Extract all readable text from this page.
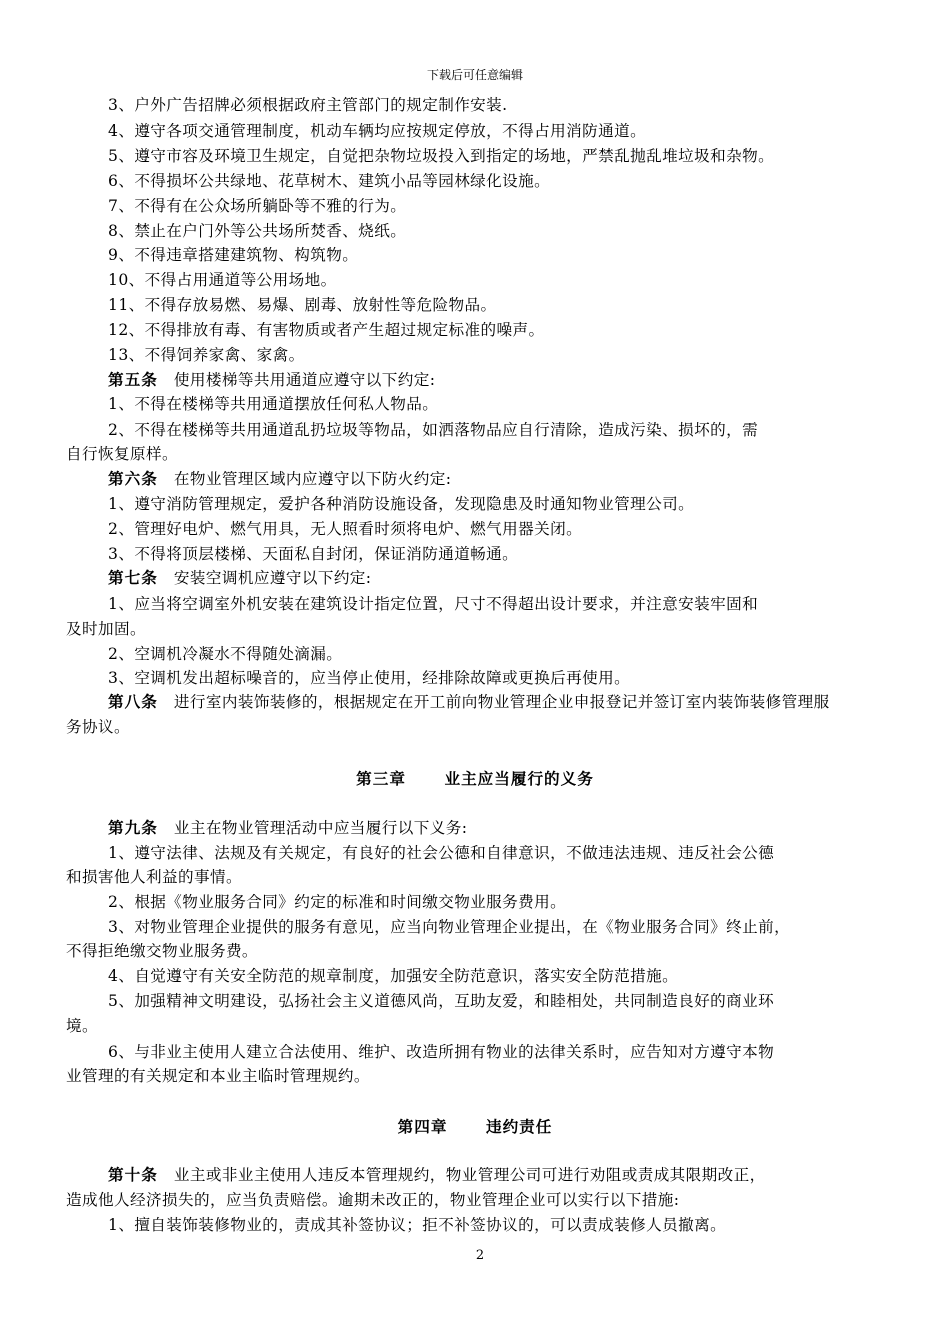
下载后可任意编辑
3、户外广告招牌必须根据政府主管部门的规定制作安装.
4、遵守各项交通管理制度，机动车辆均应按规定停放，不得占用消防通道。
5、遵守市容及环境卫生规定，自觉把杂物垃圾投入到指定的场地，严禁乱抛乱堆垃圾和杂物。
6、不得损坏公共绿地、花草树木、建筑小品等园林绿化设施。
7、不得有在公众场所躺卧等不雅的行为。
8、禁止在户门外等公共场所焚香、烧纸。
9、不得违章搭建建筑物、构筑物。
10、不得占用通道等公用场地。
11、不得存放易燃、易爆、剧毒、放射性等危险物品。
12、不得排放有毒、有害物质或者产生超过规定标准的噪声。
13、不得饲养家禽、家禽。
第五条 使用楼梯等共用通道应遵守以下约定:
1、不得在楼梯等共用通道摆放任何私人物品。
2、不得在楼梯等共用通道乱扔垃圾等物品，如洒落物品应自行清除，造成污染、损坏的，需
自行恢复原样。
第六条 在物业管理区域内应遵守以下防火约定:
1、遵守消防管理规定，爱护各种消防设施设备，发现隐患及时通知物业管理公司。
2、管理好电炉、燃气用具，无人照看时须将电炉、燃气用器关闭。
3、不得将顶层楼梯、天面私自封闭，保证消防通道畅通。
第七条 安装空调机应遵守以下约定:
1、应当将空调室外机安装在建筑设计指定位置，尺寸不得超出设计要求，并注意安装牢固和
及时加固。
2、空调机冷凝水不得随处滴漏。
3、空调机发出超标噪音的，应当停止使用，经排除故障或更换后再使用。
第八条 进行室内装饰装修的，根据规定在开工前向物业管理企业申报登记并签订室内装饰装修管理服
务协议。
第三章      业主应当履行的义务
第九条 业主在物业管理活动中应当履行以下义务:
1、遵守法律、法规及有关规定，有良好的社会公德和自律意识，不做违法违规、违反社会公德
和损害他人利益的事情。
2、根据《物业服务合同》约定的标准和时间缴交物业服务费用。
3、对物业管理企业提供的服务有意见，应当向物业管理企业提出，在《物业服务合同》终止前，
不得拒绝缴交物业服务费。
4、自觉遵守有关安全防范的规章制度，加强安全防范意识，落实安全防范措施。
5、加强精神文明建设，弘扬社会主义道德风尚，互助友爱，和睦相处，共同制造良好的商业环
境。
6、与非业主使用人建立合法使用、维护、改造所拥有物业的法律关系时，应告知对方遵守本物
业管理的有关规定和本业主临时管理规约。
第四章      违约责任
第十条 业主或非业主使用人违反本管理规约，物业管理公司可进行劝阻或责成其限期改正，
造成他人经济损失的，应当负责赔偿。逾期未改正的，物业管理企业可以实行以下措施:
1、擅自装饰装修物业的，责成其补签协议；拒不补签协议的，可以责成装修人员撤离。
2
